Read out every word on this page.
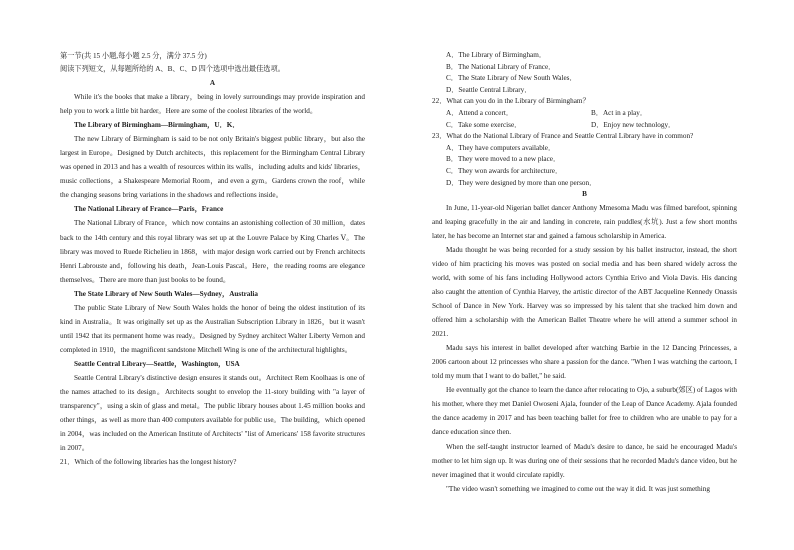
第一节(共 15 小题,每小题 2.5 分，满分 37.5 分)

阅读下列短文，从每题所给的 A、B、C、D 四个选项中选出最佳选项。

A

While it's the books that make a library，being in lovely surroundings may provide inspiration and help you to work a little bit harder。Here are some of the coolest libraries of the world。

The Library of Birmingham—Birmingham，U．K．

The new Library of Birmingham is said to be not only Britain's biggest public library，but also the largest in Europe。Designed by Dutch architects，this replacement for the Birmingham Central Library was opened in 2013 and has a wealth of resources within its walls，including adults and kids' libraries，music collections，a Shakespeare Memorial Room，and even a gym。Gardens crown the roof，while the changing seasons bring variations in the shadows and reflections inside。

The National Library of France—Paris，France

The National Library of France，which now contains an astonishing collection of 30 million，dates back to the 14th century and this royal library was set up at the Louvre Palace by King Charles Ⅴ。The library was moved to Ruede Richelieu in 1868，with major design work carried out by French architects Henri Labrouste and，following his death，Jean-Louis Pascal。Here，the reading rooms are elegance themselves。There are more than just books to be found。

The State Library of New South Wales—Sydney，Australia

The public State Library of New South Wales holds the honor of being the oldest institution of its kind in Australia。It was originally set up as the Australian Subscription Library in 1826，but it wasn't until 1942 that its permanent home was ready。Designed by Sydney architect Walter Liberty Vernon and completed in 1910，the magnificent sandstone Mitchell Wing is one of the architectural highlights。

Seattle Central Library—Seattle，Washington，USA

Seattle Central Library's distinctive design ensures it stands out。Architect Rem Koolhaas is one of the names attached to its design。Architects sought to envelop the 11-story building with "a layer of transparency"，using a skin of glass and metal。The public library houses about 1.45 million books and other things，as well as more than 400 computers available for public use。The building，which opened in 2004，was included on the American Institute of Architects' "list of Americans' 158 favorite structures in 2007。

21．Which of the following libraries has the longest history?

A．The Library of Birmingham．

B．The National Library of France．

C．The State Library of New South Wales．

D．Seattle Central Library．

22．What can you do in the Library of Birmingham？

A．Attend a concert．	B．Act in a play．
C．Take some exercise．	D．Enjoy new technology．

23．What do the National Library of France and Seattle Central Library have in common?

A．They have computers available．

B．They were moved to a new place．

C．They won awards for architecture．

D．They were designed by more than one person．

B

In June, 11-year-old Nigerian ballet dancer Anthony Mmesoma Madu was filmed barefoot, spinning and leaping gracefully in the air and landing in concrete, rain puddles(水坑). Just a few short months later, he has become an Internet star and gained a famous scholarship in America.

Madu thought he was being recorded for a study session by his ballet instructor, instead, the short video of him practicing his moves was posted on social media and has been shared widely across the world, with some of his fans including Hollywood actors Cynthia Erivo and Viola Davis. His dancing also caught the attention of Cynthia Harvey, the artistic director of the ABT Jacqueline Kennedy Onassis School of Dance in New York. Harvey was so impressed by his talent that she tracked him down and offered him a scholarship with the American Ballet Theatre where he will attend a summer school in 2021.

Madu says his interest in ballet developed after watching Barbie in the 12 Dancing Princesses, a 2006 cartoon about 12 princesses who share a passion for the dance. "When I was watching the cartoon, I told my mum that I want to do ballet," he said.

He eventually got the chance to learn the dance after relocating to Ojo, a suburb(郊区) of Lagos with his mother, where they met Daniel Owoseni Ajala, founder of the Leap of Dance Academy. Ajala founded the dance academy in 2017 and has been teaching ballet for free to children who are unable to pay for a dance education since then.

When the self-taught instructor learned of Madu's desire to dance, he said he encouraged Madu's mother to let him sign up. It was during one of their sessions that he recorded Madu's dance video, but he never imagined that it would circulate rapidly.

"The video wasn't something we imagined to come out the way it did. It was just something
